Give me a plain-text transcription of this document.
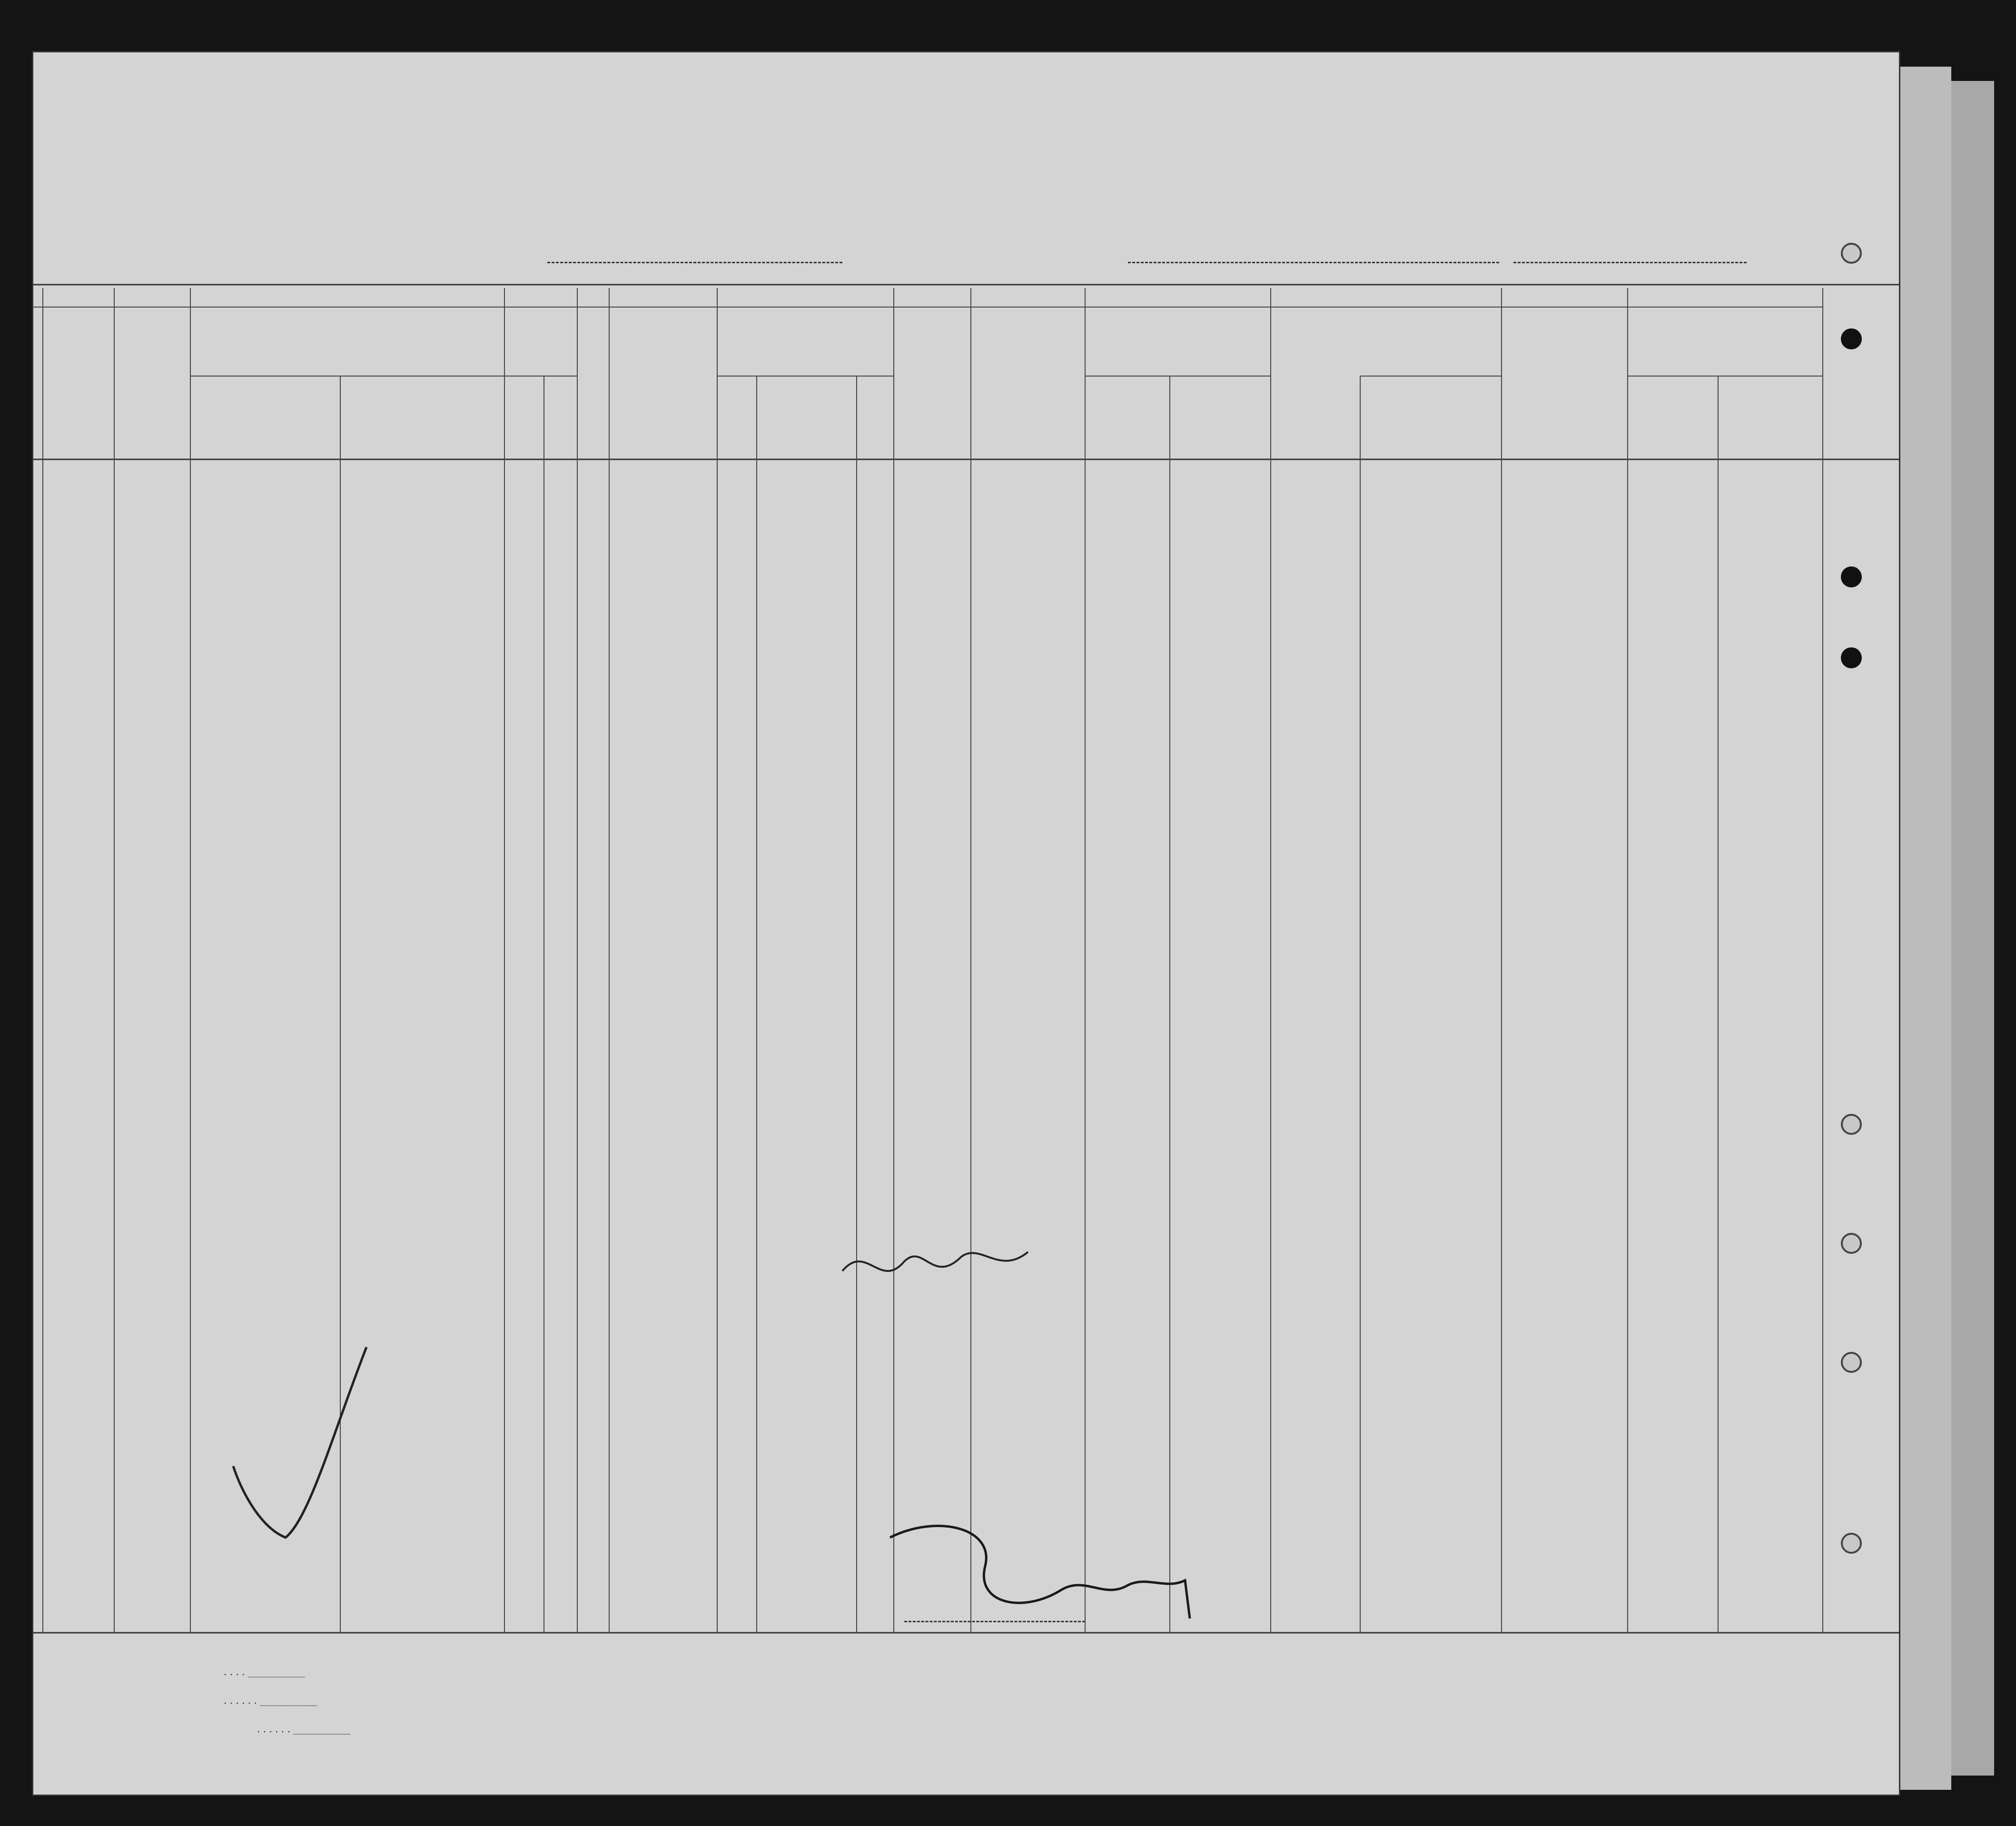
. . . . ____________
. . . . . . ____________
. . . . . . ____________
